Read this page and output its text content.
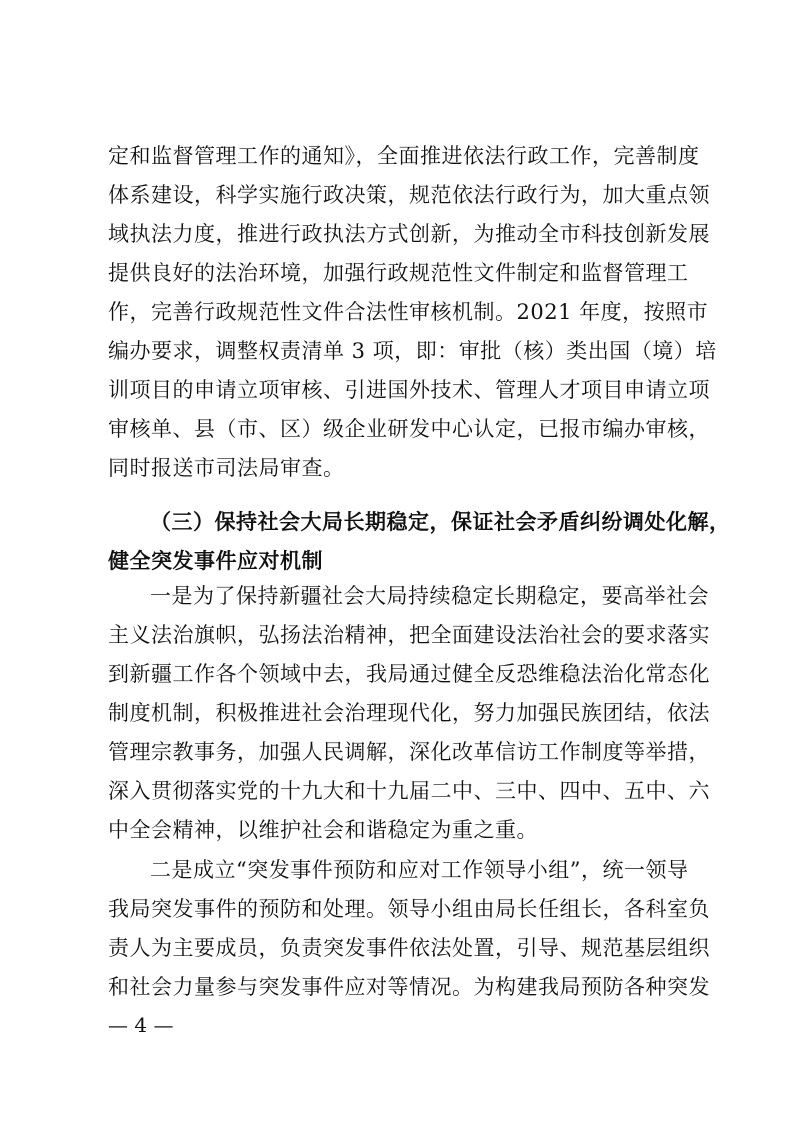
定和监督管理工作的通知》，全面推进依法行政工作，完善制度
体系建设，科学实施行政决策，规范依法行政行为，加大重点领
域执法力度，推进行政执法方式创新，为推动全市科技创新发展
提供良好的法治环境，加强行政规范性文件制定和监督管理工
作，完善行政规范性文件合法性审核机制。2021 年度，按照市
编办要求，调整权责清单 3 项，即：审批（核）类出国（境）培
训项目的申请立项审核、引进国外技术、管理人才项目申请立项
审核单、县（市、区）级企业研发中心认定，已报市编办审核，
同时报送市司法局审查。
（三）保持社会大局长期稳定，保证社会矛盾纠纷调处化解，
健全突发事件应对机制
一是为了保持新疆社会大局持续稳定长期稳定，要高举社会
主义法治旗帜，弘扬法治精神，把全面建设法治社会的要求落实
到新疆工作各个领域中去，我局通过健全反恐维稳法治化常态化
制度机制，积极推进社会治理现代化，努力加强民族团结，依法
管理宗教事务，加强人民调解，深化改革信访工作制度等举措，
深入贯彻落实党的十九大和十九届二中、三中、四中、五中、六
中全会精神，以维护社会和谐稳定为重之重。
二是成立“突发事件预防和应对工作领导小组”，统一领导
我局突发事件的预防和处理。领导小组由局长任组长，各科室负
责人为主要成员，负责突发事件依法处置，引导、规范基层组织
和社会力量参与突发事件应对等情况。为构建我局预防各种突发
— 4 —
